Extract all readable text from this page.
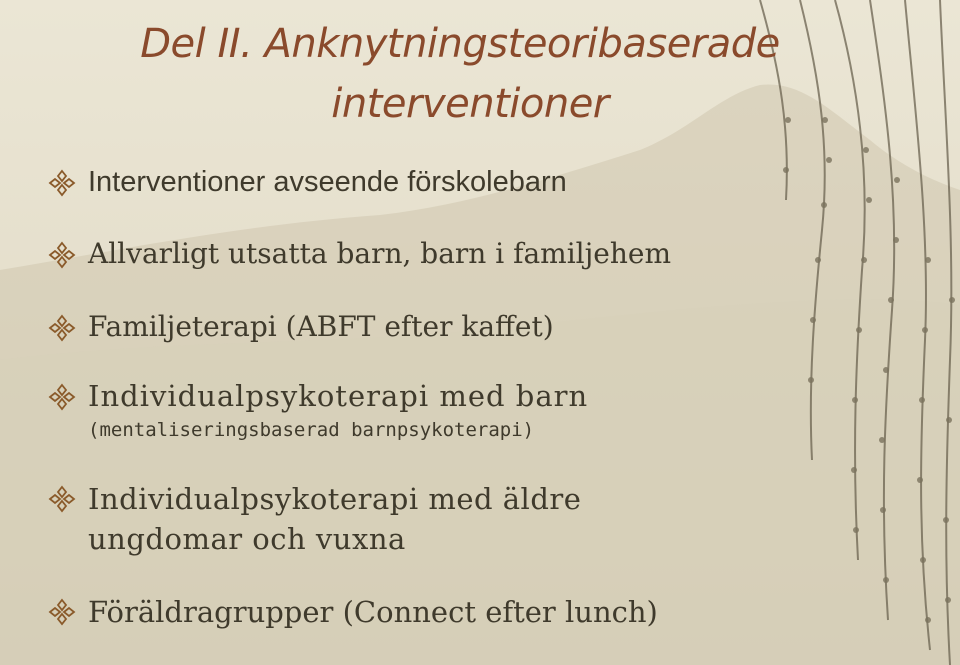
Del II. Anknytningsteoribaserade
interventioner
Interventioner avseende förskolebarn
Allvarligt utsatta barn, barn i familjehem
Familjeterapi (ABFT efter kaffet)
Individualpsykoterapi med barn
(mentaliseringsbaserad barnpsykoterapi)
Individualpsykoterapi med äldre
ungdomar och vuxna
Föräldragrupper (Connect efter lunch)
